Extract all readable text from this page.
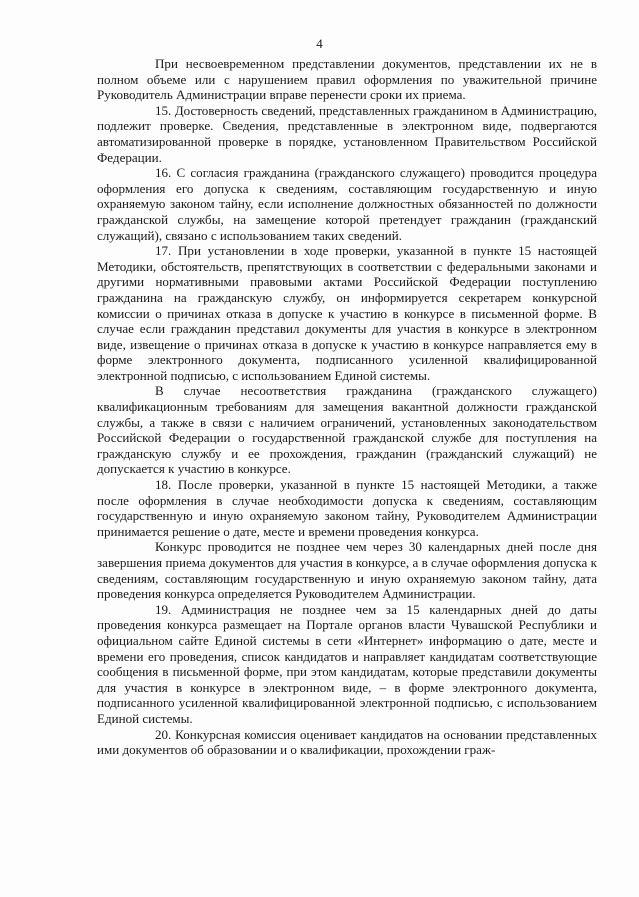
4

При несвоевременном представлении документов, представлении их не в полном объеме или с нарушением правил оформления по уважительной причине Руководитель Администрации вправе перенести сроки их приема.

15. Достоверность сведений, представленных гражданином в Администрацию, подлежит проверке. Сведения, представленные в электронном виде, подвергаются автоматизированной проверке в порядке, установленном Правительством Российской Федерации.

16. С согласия гражданина (гражданского служащего) проводится процедура оформления его допуска к сведениям, составляющим государственную и иную охраняемую законом тайну, если исполнение должностных обязанностей по должности гражданской службы, на замещение которой претендует гражданин (гражданский служащий), связано с использованием таких сведений.

17. При установлении в ходе проверки, указанной в пункте 15 настоящей Методики, обстоятельств, препятствующих в соответствии с федеральными законами и другими нормативными правовыми актами Российской Федерации поступлению гражданина на гражданскую службу, он информируется секретарем конкурсной комиссии о причинах отказа в допуске к участию в конкурсе в письменной форме. В случае если гражданин представил документы для участия в конкурсе в электронном виде, извещение о причинах отказа в допуске к участию в конкурсе направляется ему в форме электронного документа, подписанного усиленной квалифицированной электронной подписью, с использованием Единой системы.

В случае несоответствия гражданина (гражданского служащего) квалификационным требованиям для замещения вакантной должности гражданской службы, а также в связи с наличием ограничений, установленных законодательством Российской Федерации о государственной гражданской службе для поступления на гражданскую службу и ее прохождения, гражданин (гражданский служащий) не допускается к участию в конкурсе.

18. После проверки, указанной в пункте 15 настоящей Методики, а также после оформления в случае необходимости допуска к сведениям, составляющим государственную и иную охраняемую законом тайну, Руководителем Администрации принимается решение о дате, месте и времени проведения конкурса.

Конкурс проводится не позднее чем через 30 календарных дней после дня завершения приема документов для участия в конкурсе, а в случае оформления допуска к сведениям, составляющим государственную и иную охраняемую законом тайну, дата проведения конкурса определяется Руководителем Администрации.

19. Администрация не позднее чем за 15 календарных дней до даты проведения конкурса размещает на Портале органов власти Чувашской Республики и официальном сайте Единой системы в сети «Интернет» информацию о дате, месте и времени его проведения, список кандидатов и направляет кандидатам соответствующие сообщения в письменной форме, при этом кандидатам, которые представили документы для участия в конкурсе в электронном виде, – в форме электронного документа, подписанного усиленной квалифицированной электронной подписью, с использованием Единой системы.

20. Конкурсная комиссия оценивает кандидатов на основании представленных ими документов об образовании и о квалификации, прохождении граж-
